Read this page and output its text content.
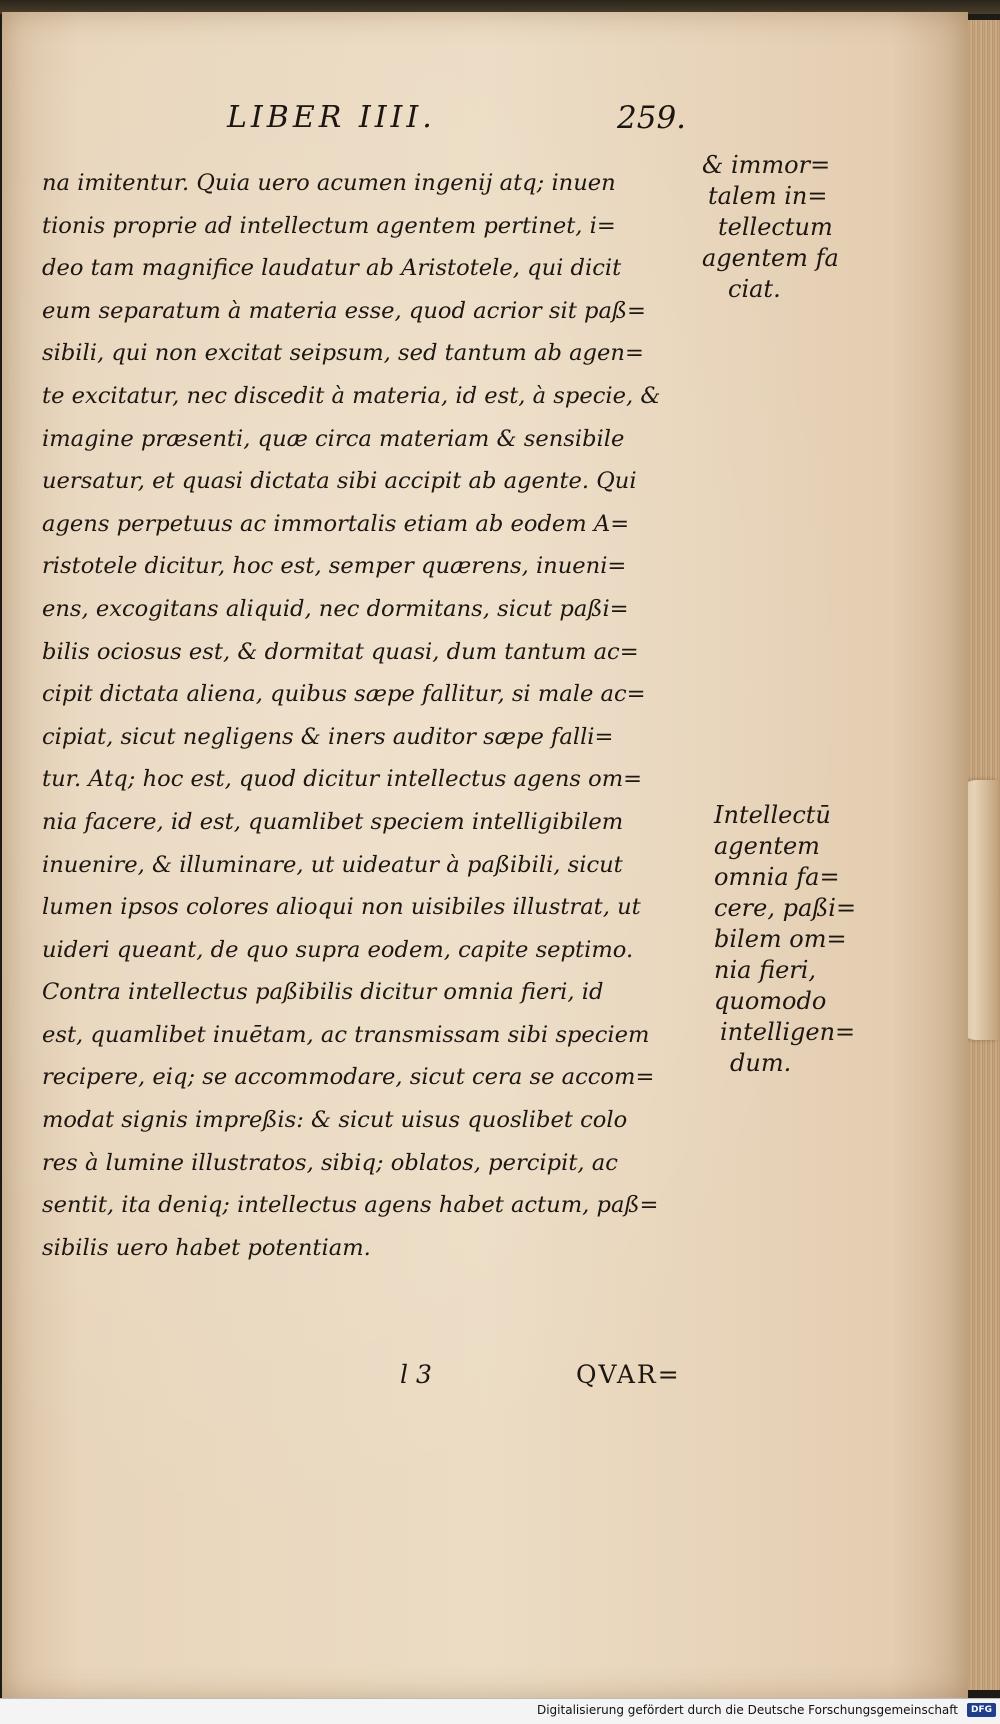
LIBER IIII.	259.
na imitentur. Quia uero acumen ingenij atq; inuen
tionis proprie ad intellectum agentem pertinet, i=
deo tam magnifice laudatur ab Aristotele, qui dicit
eum separatum à materia esse, quod acrior sit paß=
sibili, qui non excitat seipsum, sed tantum ab agen=
te excitatur, nec discedit à materia, id est, à specie, &
imagine præsenti, quæ circa materiam & sensibile
uersatur, et quasi dictata sibi accipit ab agente. Qui
agens perpetuus ac immortalis etiam ab eodem A=
ristotele dicitur, hoc est, semper quærens, inueni=
ens, excogitans aliquid, nec dormitans, sicut paßi=
bilis ociosus est, & dormitat quasi, dum tantum ac=
cipit dictata aliena, quibus sæpe fallitur, si male ac=
cipiat, sicut negligens & iners auditor sæpe falli=
tur. Atq; hoc est, quod dicitur intellectus agens om=
nia facere, id est, quamlibet speciem intelligibilem
inuenire, & illuminare, ut uideatur à paßibili, sicut
lumen ipsos colores alioqui non uisibiles illustrat, ut
uideri queant, de quo supra eodem, capite septimo.
Contra intellectus paßibilis dicitur omnia fieri, id
est, quamlibet inuētam, ac transmissam sibi speciem
recipere, eiq; se accommodare, sicut cera se accom=
modat signis impreßis: & sicut uisus quoslibet colo
res à lumine illustratos, sibiq; oblatos, percipit, ac
sentit, ita deniq; intellectus agens habet actum, paß=
sibilis uero habet potentiam.
& immor=
talem in=
tellectum
agentem fa
ciat.
Intellectū
agentem
omnia fa=
cere, paßi=
bilem om=
nia fieri,
quomodo
intelligen=
dum.
l 3	QVAR=
Digitalisierung gefördert durch die Deutsche Forschungsgemeinschaft	DFG
